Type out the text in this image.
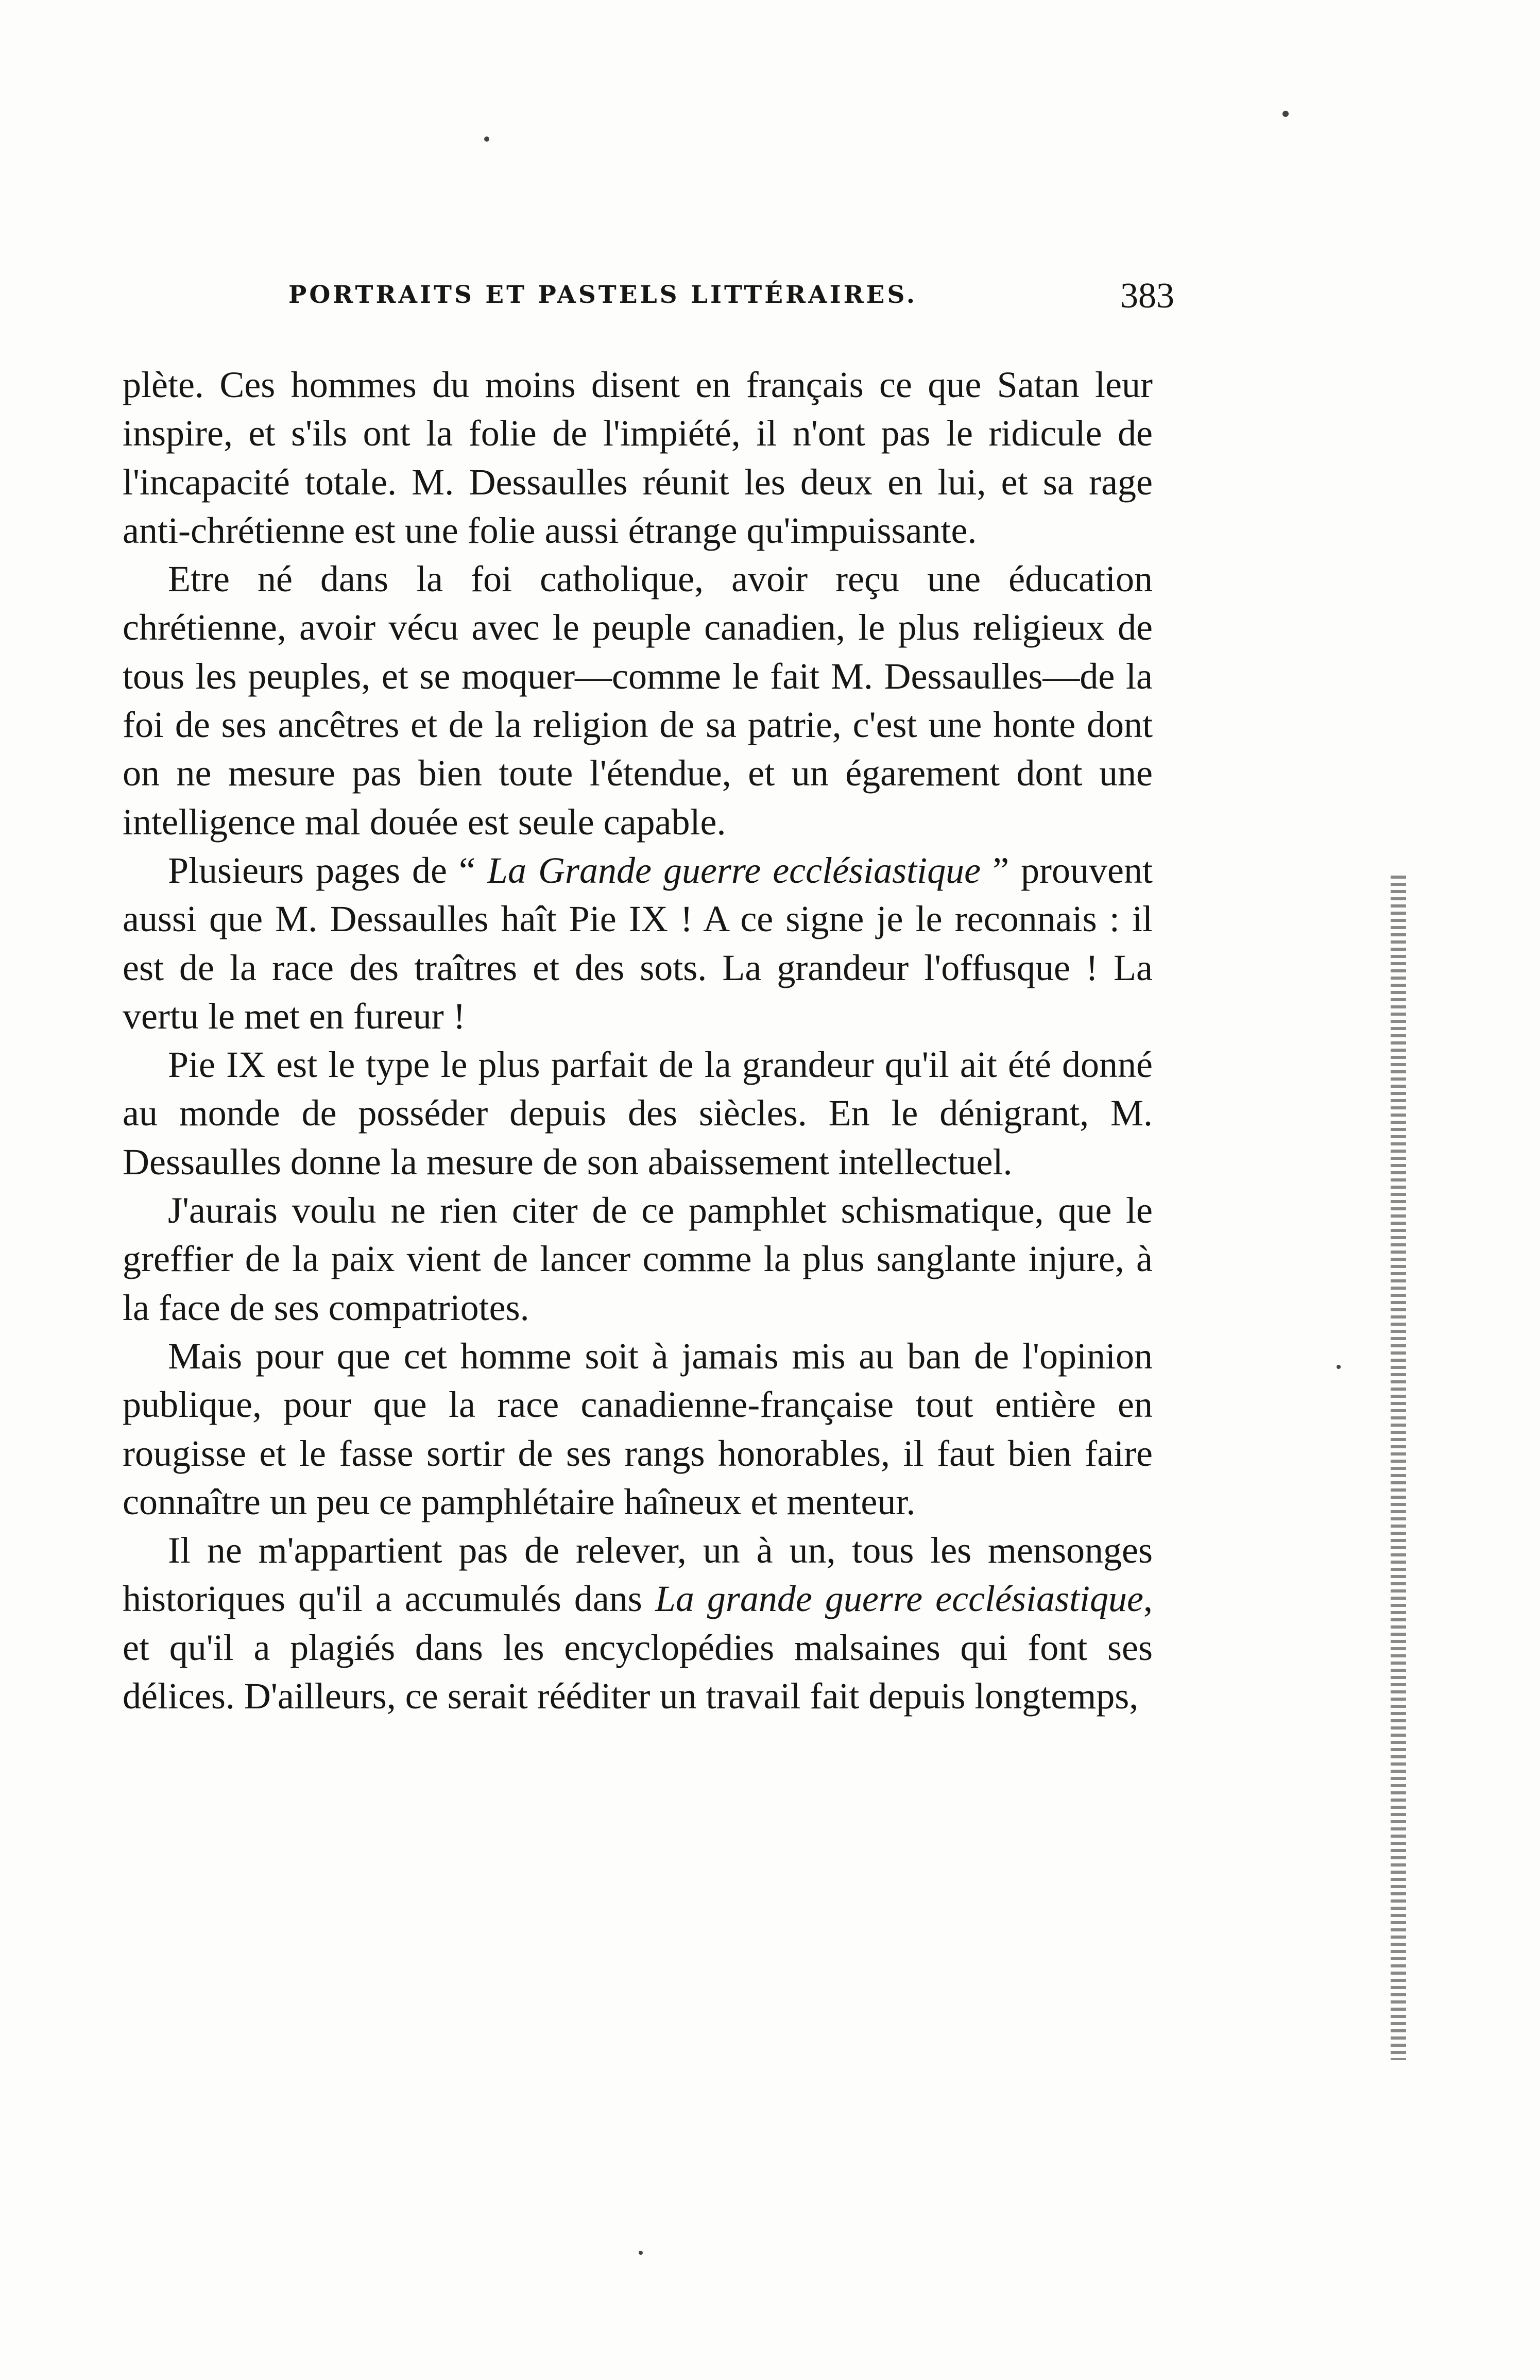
PORTRAITS ET PASTELS LITTÉRAIRES.	383

plète. Ces hommes du moins disent en français ce que Satan leur inspire, et s'ils ont la folie de l'impiété, il n'ont pas le ridicule de l'incapacité totale. M. Dessaulles réunit les deux en lui, et sa rage anti-chrétienne est une folie aussi étrange qu'impuissante.

Etre né dans la foi catholique, avoir reçu une éducation chrétienne, avoir vécu avec le peuple canadien, le plus religieux de tous les peuples, et se moquer—comme le fait M. Dessaulles—de la foi de ses ancêtres et de la religion de sa patrie, c'est une honte dont on ne mesure pas bien toute l'étendue, et un égarement dont une intelligence mal douée est seule capable.

Plusieurs pages de “ La Grande guerre ecclésiastique ” prouvent aussi que M. Dessaulles haît Pie IX ! A ce signe je le reconnais : il est de la race des traîtres et des sots. La grandeur l'offusque ! La vertu le met en fureur !

Pie IX est le type le plus parfait de la grandeur qu'il ait été donné au monde de posséder depuis des siècles. En le dénigrant, M. Dessaulles donne la mesure de son abaissement intellectuel.

J'aurais voulu ne rien citer de ce pamphlet schismatique, que le greffier de la paix vient de lancer comme la plus sanglante injure, à la face de ses compatriotes.

Mais pour que cet homme soit à jamais mis au ban de l'opinion publique, pour que la race canadienne-française tout entière en rougisse et le fasse sortir de ses rangs honorables, il faut bien faire connaître un peu ce pamphlétaire haîneux et menteur.

Il ne m'appartient pas de relever, un à un, tous les mensonges historiques qu'il a accumulés dans La grande guerre ecclésiastique, et qu'il a plagiés dans les encyclopédies malsaines qui font ses délices. D'ailleurs, ce serait rééditer un travail fait depuis longtemps,
